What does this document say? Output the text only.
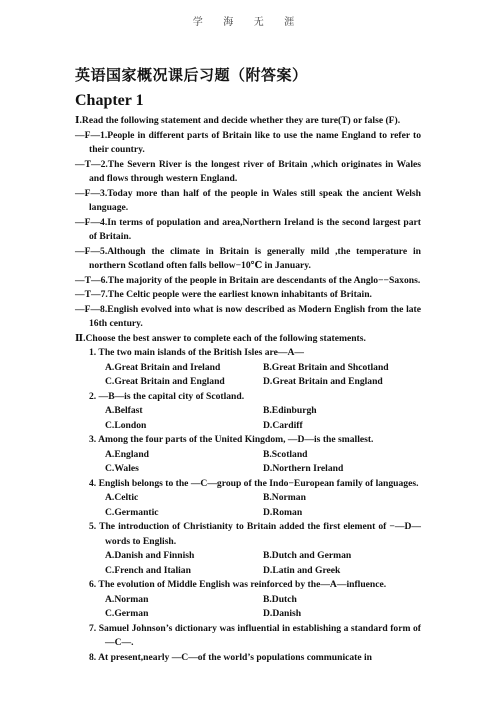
学 海 无 涯
英语国家概况课后习题（附答案）
Chapter 1

Ⅰ.Read the following statement and decide whether they are ture(T) or false (F).

—F—1.People in different parts of Britain like to use the name England to refer to their country.

—T—2.The Severn River is the longest river of Britain ,which originates in Wales and flows through western England.

—F—3.Today more than half of the people in Wales still speak the ancient Welsh language.

—F—4.In terms of population and area,Northern Ireland is the second largest part of Britain.

—F—5.Although the climate in Britain is generally mild ,the temperature in northern Scotland often falls bellow−10℃ in January.

—T—6.The majority of the people in Britain are descendants of the Anglo−−Saxons.

—T—7.The Celtic people were the earliest known inhabitants of Britain.

—F—8.English evolved into what is now described as Modern English from the late 16th century.

Ⅱ.Choose the best answer to complete each of the following statements.

1. The two main islands of the British Isles are—A—

A.Great Britain and Ireland	B.Great Britain and Shcotland
C.Great Britain and England	D.Great Britain and England

2. —B—is the capital city of Scotland.

A.Belfast	B.Edinburgh
C.London	D.Cardiff

3. Among the four parts of the United Kingdom, —D—is the smallest.

A.England	B.Scotland
C.Wales	D.Northern Ireland

4. English belongs to the —C—group of the Indo−European family of languages.

A.Celtic	B.Norman
C.Germantic	D.Roman

5. The introduction of Christianity to Britain added the first element of −—D—words to English.

A.Danish and Finnish	B.Dutch and German
C.French and Italian	D.Latin and Greek

6. The evolution of Middle English was reinforced by the—A—influence.

A.Norman	B.Dutch
C.German	D.Danish

7. Samuel Johnson’s dictionary was influential in establishing a standard form of—C—.

8. At present,nearly —C—of the world’s populations communicate in
